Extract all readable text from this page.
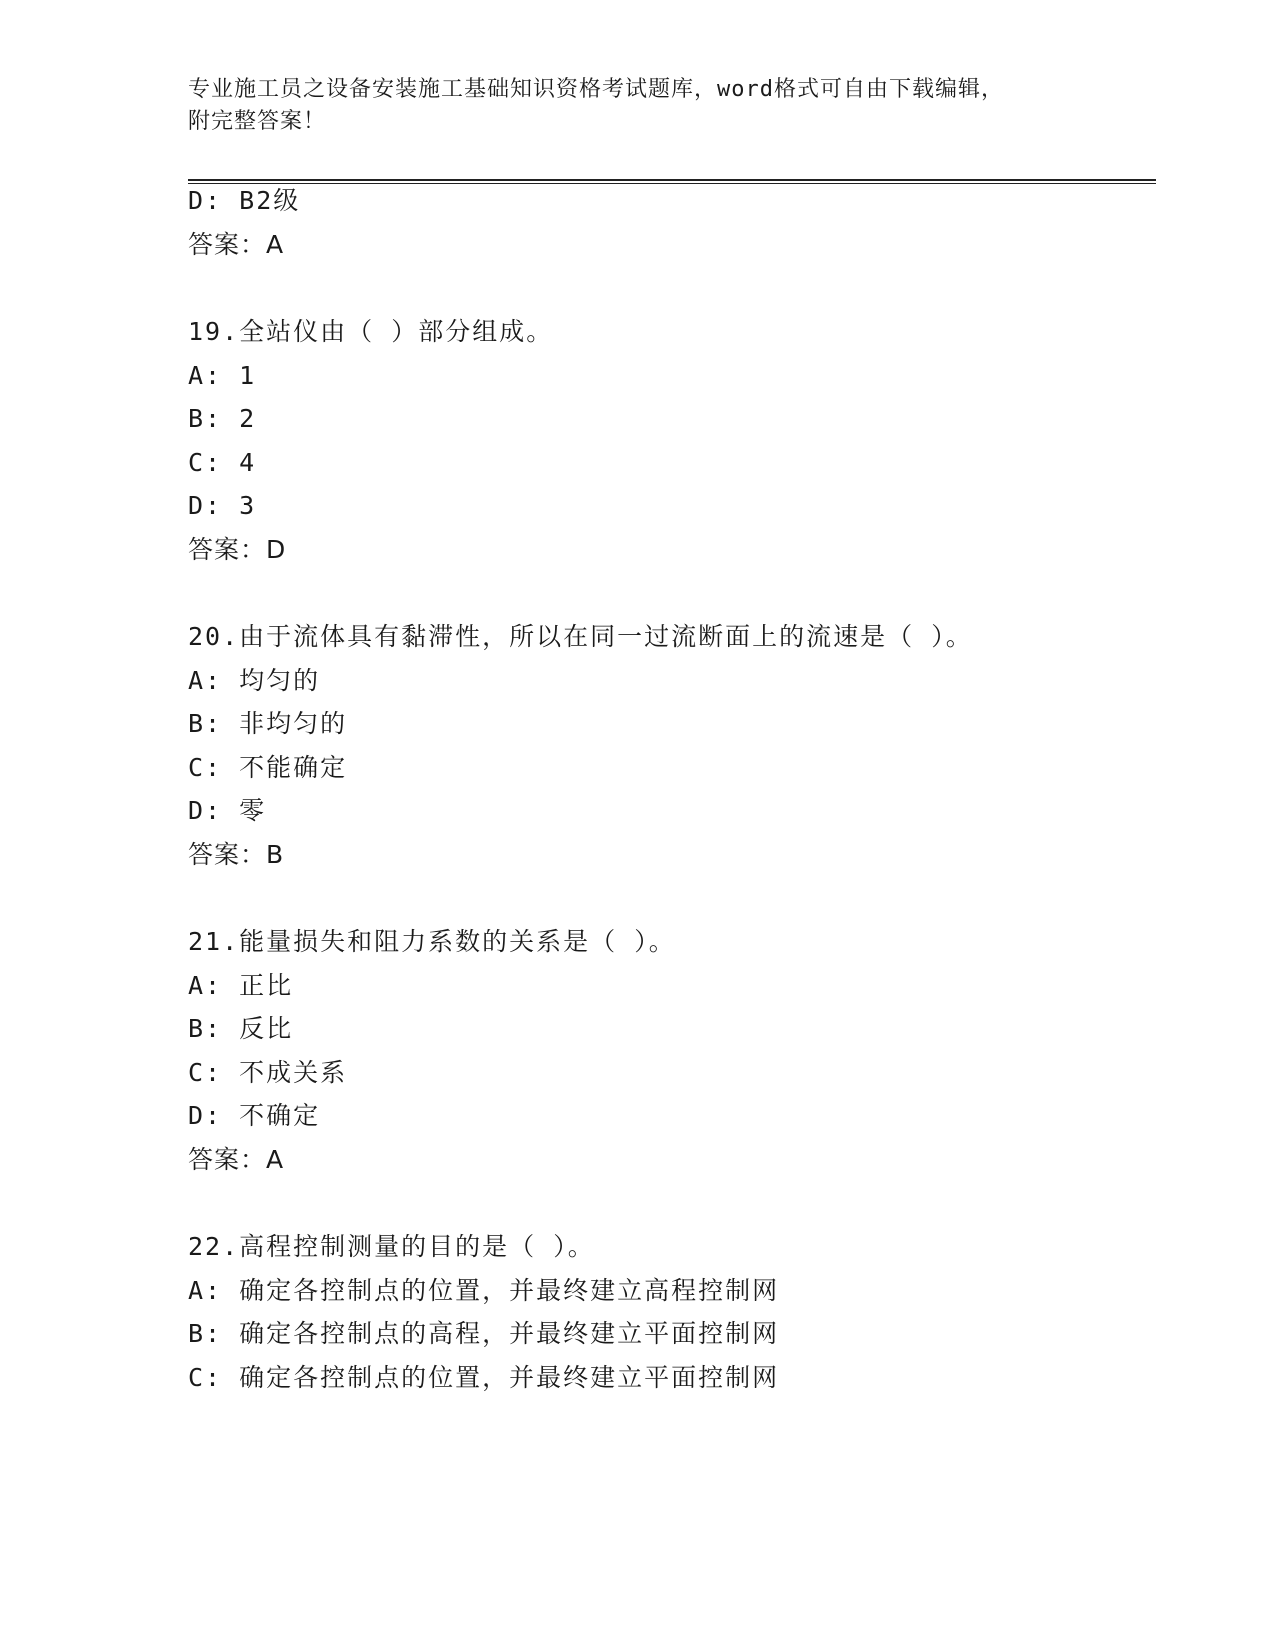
专业施工员之设备安装施工基础知识资格考试题库，word格式可自由下载编辑，
附完整答案！
D: B2级
答案：A
19.全站仪由（ ）部分组成。
A: 1
B: 2
C: 4
D: 3
答案：D
20.由于流体具有黏滞性，所以在同一过流断面上的流速是（ ）。
A: 均匀的
B: 非均匀的
C: 不能确定
D: 零
答案：B
21.能量损失和阻力系数的关系是（ ）。
A: 正比
B: 反比
C: 不成关系
D: 不确定
答案：A
22.高程控制测量的目的是（ ）。
A: 确定各控制点的位置，并最终建立高程控制网
B: 确定各控制点的高程，并最终建立平面控制网
C: 确定各控制点的位置，并最终建立平面控制网
